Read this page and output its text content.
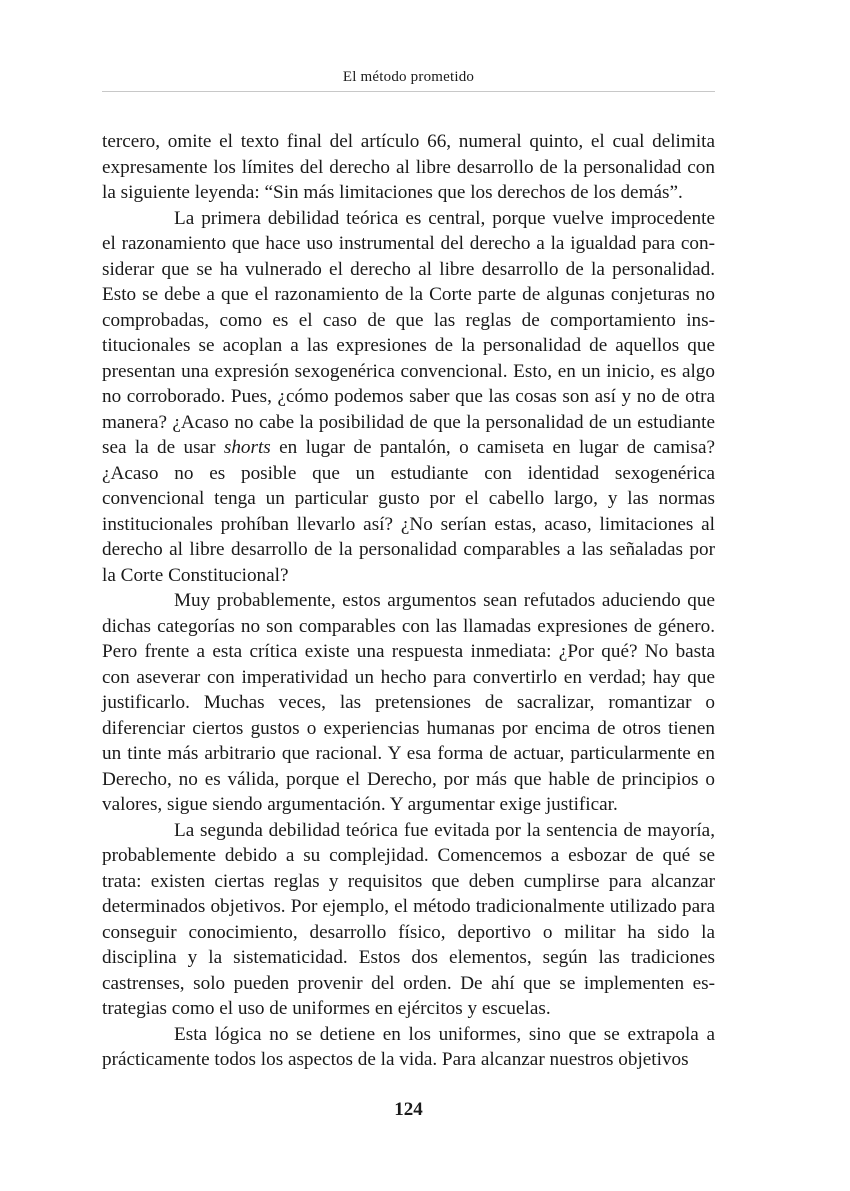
El método prometido

tercero, omite el texto final del artículo 66, numeral quinto, el cual delimita expresamente los límites del derecho al libre desarrollo de la personalidad con la siguiente leyenda: “Sin más limitaciones que los derechos de los demás”.

La primera debilidad teórica es central, porque vuelve improcedente el razonamiento que hace uso instrumental del derecho a la igualdad para considerar que se ha vulnerado el derecho al libre desarrollo de la personalidad. Esto se debe a que el razonamiento de la Corte parte de algunas conjeturas no comprobadas, como es el caso de que las reglas de comportamiento institucionales se acoplan a las expresiones de la personalidad de aquellos que presentan una expresión sexogenérica convencional. Esto, en un inicio, es algo no corroborado. Pues, ¿cómo podemos saber que las cosas son así y no de otra manera? ¿Acaso no cabe la posibilidad de que la personalidad de un estudiante sea la de usar shorts en lugar de pantalón, o camiseta en lugar de camisa? ¿Acaso no es posible que un estudiante con identidad sexogenérica convencional tenga un particular gusto por el cabello largo, y las normas institucionales prohíban llevarlo así? ¿No serían estas, acaso, limitaciones al derecho al libre desarrollo de la personalidad comparables a las señaladas por la Corte Constitucional?

Muy probablemente, estos argumentos sean refutados aduciendo que dichas categorías no son comparables con las llamadas expresiones de género. Pero frente a esta crítica existe una respuesta inmediata: ¿Por qué? No basta con aseverar con imperatividad un hecho para convertirlo en verdad; hay que justificarlo. Muchas veces, las pretensiones de sacralizar, romantizar o diferenciar ciertos gustos o experiencias humanas por encima de otros tienen un tinte más arbitrario que racional. Y esa forma de actuar, particularmente en Derecho, no es válida, porque el Derecho, por más que hable de principios o valores, sigue siendo argumentación. Y argumentar exige justificar.

La segunda debilidad teórica fue evitada por la sentencia de mayoría, probablemente debido a su complejidad. Comencemos a esbozar de qué se trata: existen ciertas reglas y requisitos que deben cumplirse para alcanzar determinados objetivos. Por ejemplo, el método tradicionalmente utilizado para conseguir conocimiento, desarrollo físico, deportivo o militar ha sido la disciplina y la sistematicidad. Estos dos elementos, según las tradiciones castrenses, solo pueden provenir del orden. De ahí que se implementen estrategias como el uso de uniformes en ejércitos y escuelas.

Esta lógica no se detiene en los uniformes, sino que se extrapola a prácticamente todos los aspectos de la vida. Para alcanzar nuestros objetivos

124
